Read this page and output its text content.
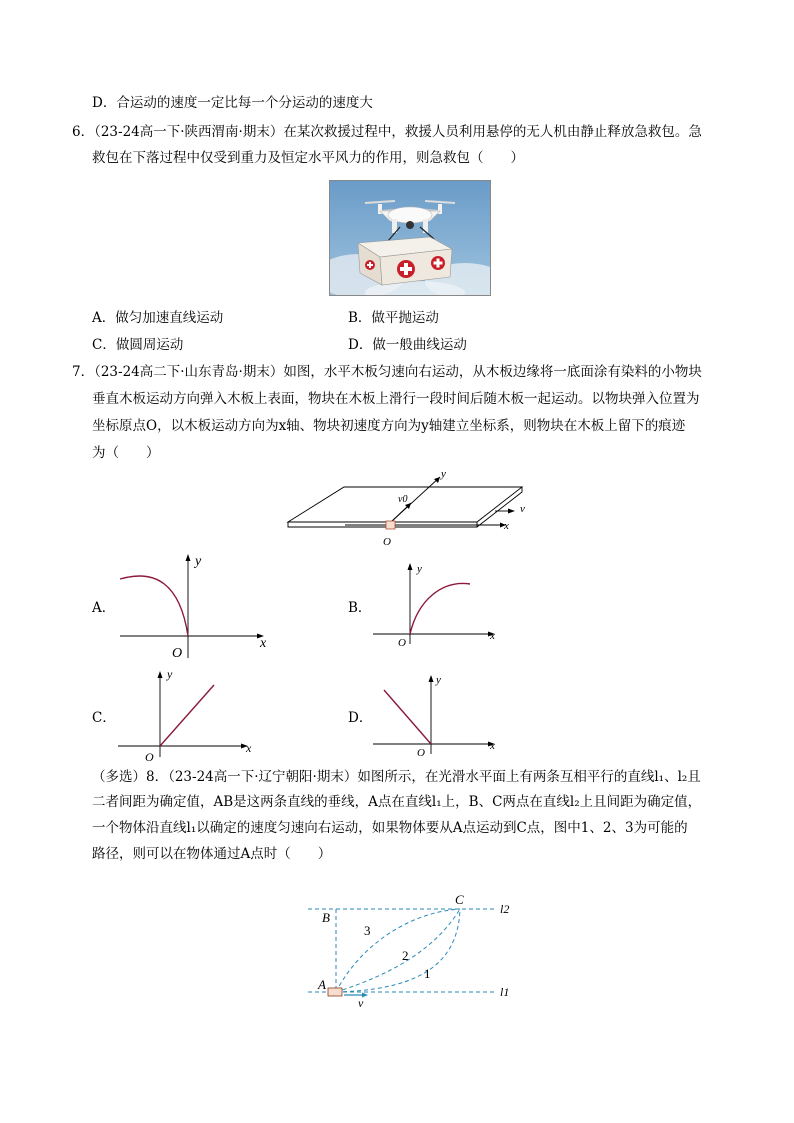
D．合运动的速度一定比每一个分运动的速度大
6．（23-24高一下·陕西渭南·期末）在某次救援过程中，救援人员利用悬停的无人机由静止释放急救包。急
救包在下落过程中仅受到重力及恒定水平风力的作用，则急救包（　　）
A．做匀加速直线运动	B．做平抛运动
C．做圆周运动	D．做一般曲线运动
7．（23-24高二下·山东青岛·期末）如图，水平木板匀速向右运动，从木板边缘将一底面涂有染料的小物块
垂直木板运动方向弹入木板上表面，物块在木板上滑行一段时间后随木板一起运动。以物块弹入位置为
坐标原点O，以木板运动方向为x轴、物块初速度方向为y轴建立坐标系，则物块在木板上留下的痕迹
为（　　）
y
v0
v
x
O
A．
y
x
O
B．
y
x
O
C．
y
x
O
D．
y
x
O
（多选）8．（23-24高一下·辽宁朝阳·期末）如图所示，在光滑水平面上有两条互相平行的直线l₁、l₂且
二者间距为确定值，AB是这两条直线的垂线，A点在直线l₁上，B、C两点在直线l₂上且间距为确定值，
一个物体沿直线l₁以确定的速度匀速向右运动，如果物体要从A点运动到C点，图中1、2、3为可能的
路径，则可以在物体通过A点时（　　）
B
C
A
v
l2
l1
3
2
1
